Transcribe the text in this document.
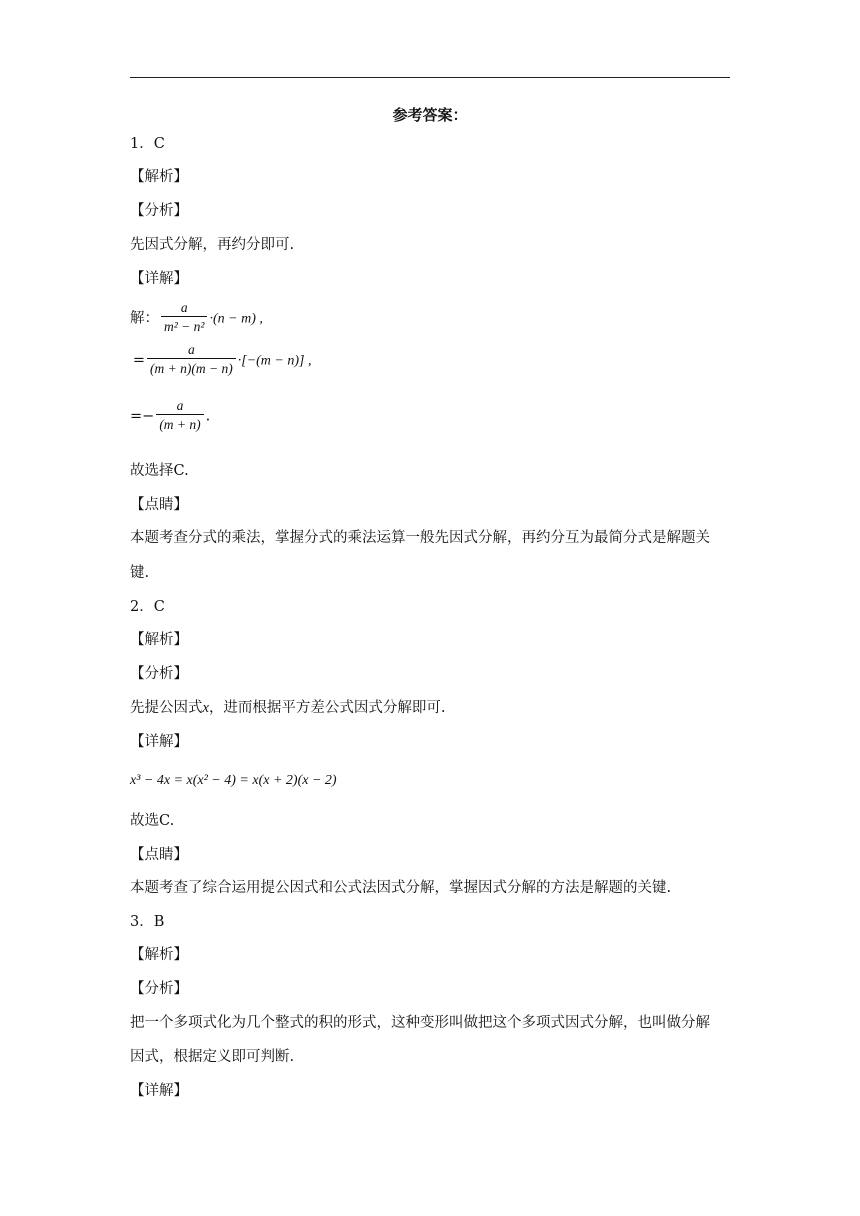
参考答案：
1．C
【解析】
【分析】
先因式分解，再约分即可.
【详解】
解： $\frac{a}{\text{m² − n²}} \cdot(n - m)$ ,
 = $\frac{a}{(m + n)(m - n)} \cdot[-(m - n)]$ ,
=− $\frac{a}{(m + n)}$ .
故选择C.
【点睛】
本题考查分式的乘法，掌握分式的乘法运算一般先因式分解，再约分互为最简分式是解题关
键.
2．C
【解析】
【分析】
先提公因式x，进而根据平方差公式因式分解即可.
【详解】
x³ − 4x = x(x² − 4) = x(x + 2)(x − 2)
故选C.
【点睛】
本题考查了综合运用提公因式和公式法因式分解，掌握因式分解的方法是解题的关键.
3．B
【解析】
【分析】
把一个多项式化为几个整式的积的形式，这种变形叫做把这个多项式因式分解，也叫做分解
因式，根据定义即可判断.
【详解】
